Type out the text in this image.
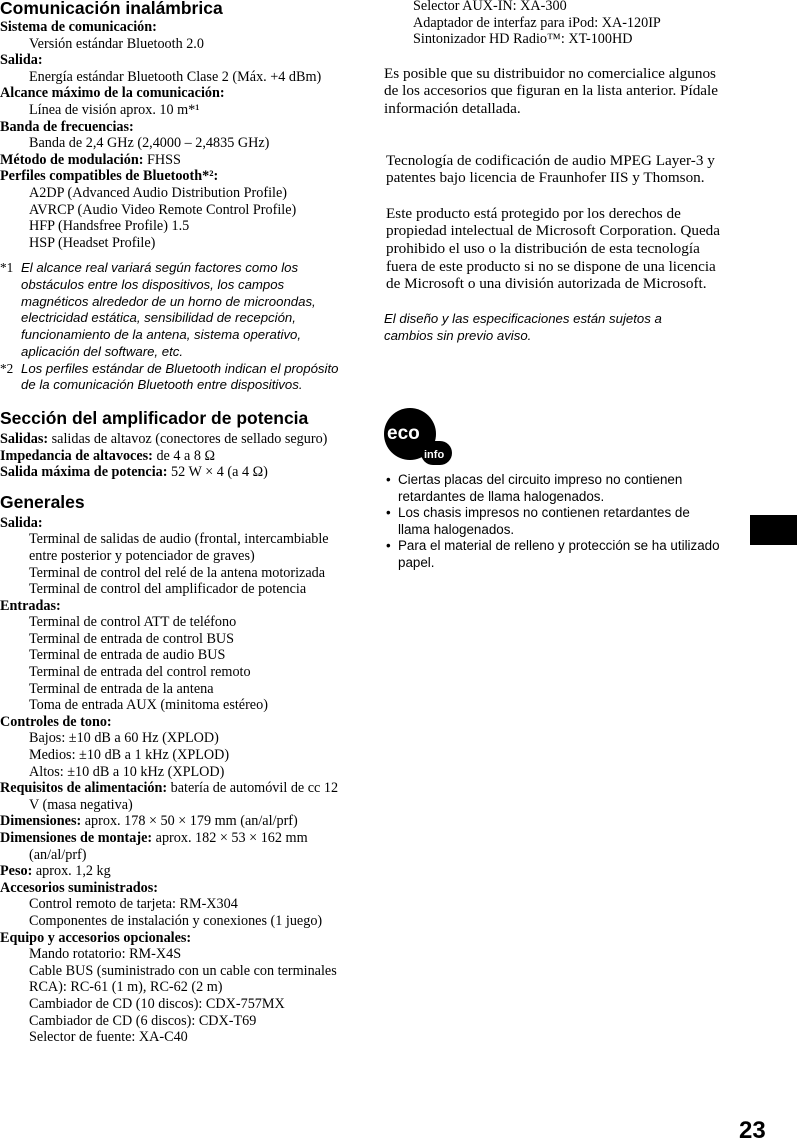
Comunicación inalámbrica
Sistema de comunicación:
Versión estándar Bluetooth 2.0
Salida:
Energía estándar Bluetooth Clase 2 (Máx. +4 dBm)
Alcance máximo de la comunicación:
Línea de visión aprox. 10 m*¹
Banda de frecuencias:
Banda de 2,4 GHz (2,4000 – 2,4835 GHz)
Método de modulación: FHSS
Perfiles compatibles de Bluetooth*²:
A2DP (Advanced Audio Distribution Profile)
AVRCP (Audio Video Remote Control Profile)
HFP (Handsfree Profile) 1.5
HSP (Headset Profile)
*1 El alcance real variará según factores como los obstáculos entre los dispositivos, los campos magnéticos alrededor de un horno de microondas, electricidad estática, sensibilidad de recepción, funcionamiento de la antena, sistema operativo, aplicación del software, etc.
*2 Los perfiles estándar de Bluetooth indican el propósito de la comunicación Bluetooth entre dispositivos.
Sección del amplificador de potencia
Salidas: salidas de altavoz (conectores de sellado seguro)
Impedancia de altavoces: de 4 a 8 Ω
Salida máxima de potencia: 52 W × 4 (a 4 Ω)
Generales
Salida:
Terminal de salidas de audio (frontal, intercambiable entre posterior y potenciador de graves)
Terminal de control del relé de la antena motorizada
Terminal de control del amplificador de potencia
Entradas:
Terminal de control ATT de teléfono
Terminal de entrada de control BUS
Terminal de entrada de audio BUS
Terminal de entrada del control remoto
Terminal de entrada de la antena
Toma de entrada AUX (minitoma estéreo)
Controles de tono:
Bajos: ±10 dB a 60 Hz (XPLOD)
Medios: ±10 dB a 1 kHz (XPLOD)
Altos: ±10 dB a 10 kHz (XPLOD)
Requisitos de alimentación: batería de automóvil de cc 12 V (masa negativa)
Dimensiones: aprox. 178 × 50 × 179 mm (an/al/prf)
Dimensiones de montaje: aprox. 182 × 53 × 162 mm (an/al/prf)
Peso: aprox. 1,2 kg
Accesorios suministrados:
Control remoto de tarjeta: RM-X304
Componentes de instalación y conexiones (1 juego)
Equipo y accesorios opcionales:
Mando rotatorio: RM-X4S
Cable BUS (suministrado con un cable con terminales RCA): RC-61 (1 m), RC-62 (2 m)
Cambiador de CD (10 discos): CDX-757MX
Cambiador de CD (6 discos): CDX-T69
Selector de fuente: XA-C40
Selector AUX-IN: XA-300
Adaptador de interfaz para iPod: XA-120IP
Sintonizador HD Radio™: XT-100HD

Es posible que su distribuidor no comercialice algunos de los accesorios que figuran en la lista anterior. Pídale información detallada.

Tecnología de codificación de audio MPEG Layer-3 y patentes bajo licencia de Fraunhofer IIS y Thomson.

Este producto está protegido por los derechos de propiedad intelectual de Microsoft Corporation. Queda prohibido el uso o la distribución de esta tecnología fuera de este producto si no se dispone de una licencia de Microsoft o una división autorizada de Microsoft.

El diseño y las especificaciones están sujetos a cambios sin previo aviso.

eco
info
• Ciertas placas del circuito impreso no contienen retardantes de llama halogenados.
• Los chasis impresos no contienen retardantes de llama halogenados.
• Para el material de relleno y protección se ha utilizado papel.
23
